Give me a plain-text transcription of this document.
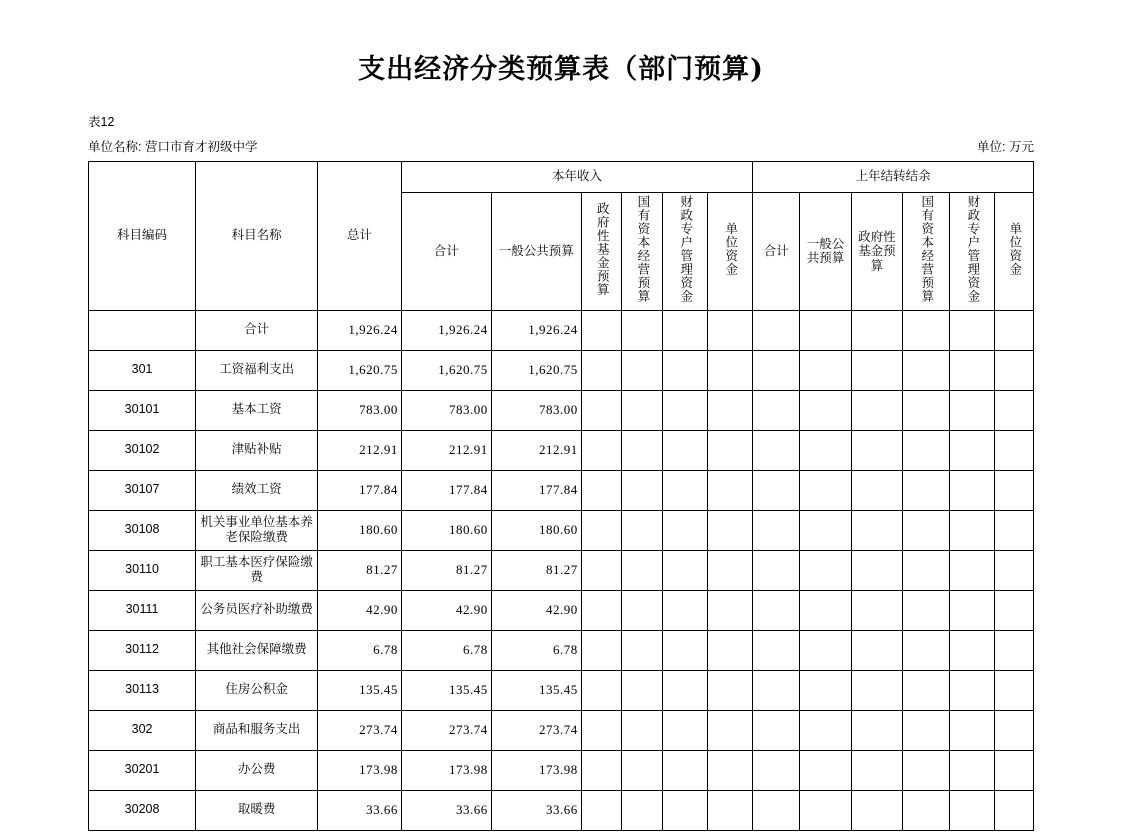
支出经济分类预算表（部门预算)
表12
单位名称: 营口市育才初级中学	单位: 万元
科目编码	科目名称	总计	本年收入						上年结转结余					
			合计	一般公共预算	政府性基金预算	国有资本经营预算	财政专户管理资金	单位资金	合计	一般公共预算	政府性基金预算	国有资本经营预算	财政专户管理资金	单位资金
	合计	1,926.24	1,926.24	1,926.24										
301	工资福利支出	1,620.75	1,620.75	1,620.75										
30101	基本工资	783.00	783.00	783.00										
30102	津贴补贴	212.91	212.91	212.91										
30107	绩效工资	177.84	177.84	177.84										
30108	机关事业单位基本养老保险缴费	180.60	180.60	180.60										
30110	职工基本医疗保险缴费	81.27	81.27	81.27										
30111	公务员医疗补助缴费	42.90	42.90	42.90										
30112	其他社会保障缴费	6.78	6.78	6.78										
30113	住房公积金	135.45	135.45	135.45										
302	商品和服务支出	273.74	273.74	273.74										
30201	办公费	173.98	173.98	173.98										
30208	取暖费	33.66	33.66	33.66										
